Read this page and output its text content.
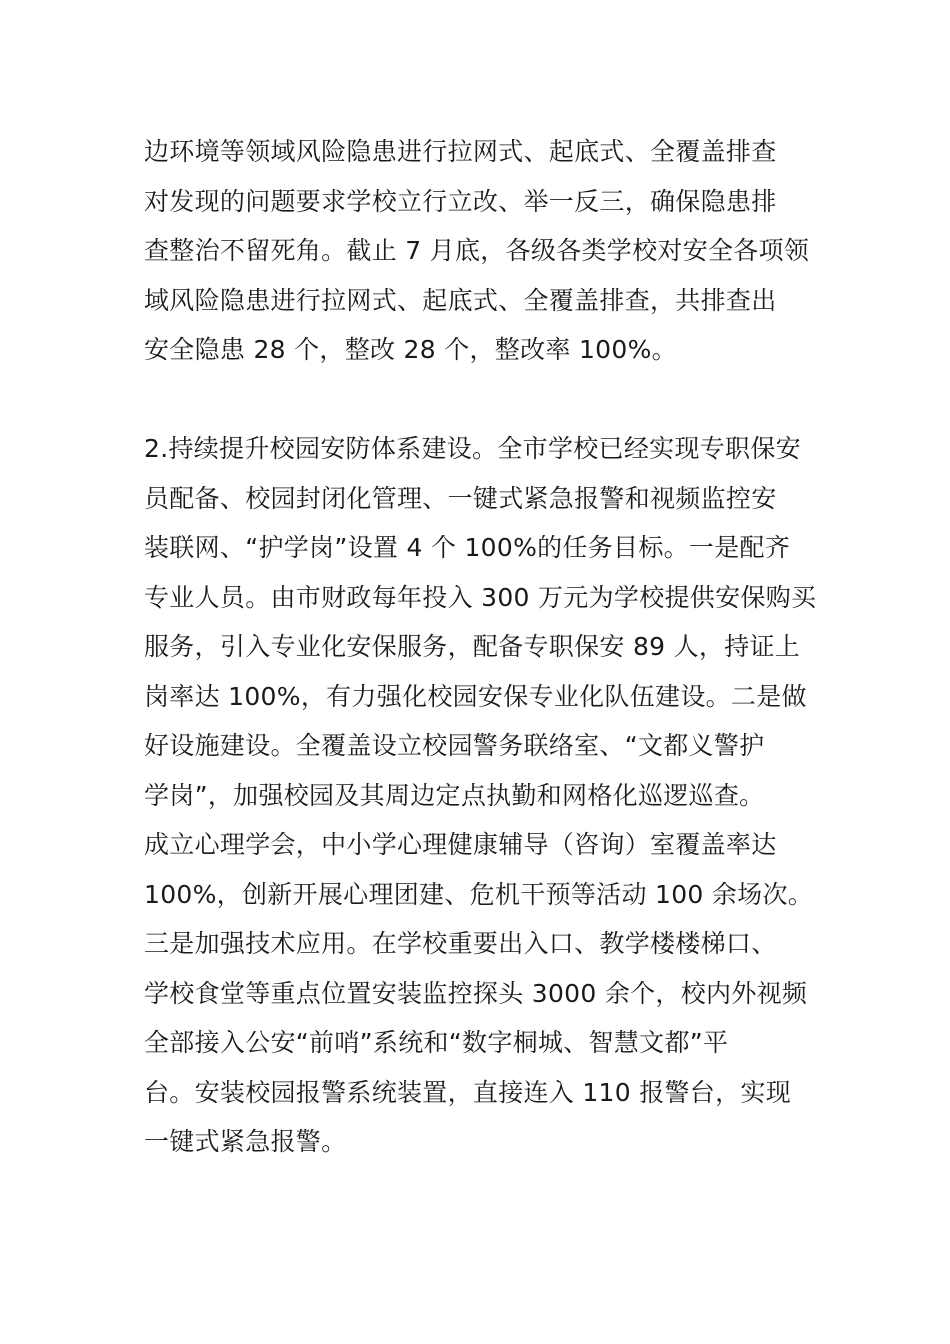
边环境等领域风险隐患进行拉网式、起底式、全覆盖排查
对发现的问题要求学校立行立改、举一反三，确保隐患排
查整治不留死角。截止 7 月底，各级各类学校对安全各项领
域风险隐患进行拉网式、起底式、全覆盖排查，共排查出
安全隐患 28 个，整改 28 个，整改率 100%。
2.持续提升校园安防体系建设。全市学校已经实现专职保安
员配备、校园封闭化管理、一键式紧急报警和视频监控安
装联网、“护学岗”设置 4 个 100%的任务目标。一是配齐
专业人员。由市财政每年投入 300 万元为学校提供安保购买
服务，引入专业化安保服务，配备专职保安 89 人，持证上
岗率达 100%，有力强化校园安保专业化队伍建设。二是做
好设施建设。全覆盖设立校园警务联络室、“文都义警护
学岗”，加强校园及其周边定点执勤和网格化巡逻巡查。
成立心理学会，中小学心理健康辅导（咨询）室覆盖率达
100%，创新开展心理团建、危机干预等活动 100 余场次。
三是加强技术应用。在学校重要出入口、教学楼楼梯口、
学校食堂等重点位置安装监控探头 3000 余个，校内外视频
全部接入公安“前哨”系统和“数字桐城、智慧文都”平
台。安装校园报警系统装置，直接连入 110 报警台，实现
一键式紧急报警。
